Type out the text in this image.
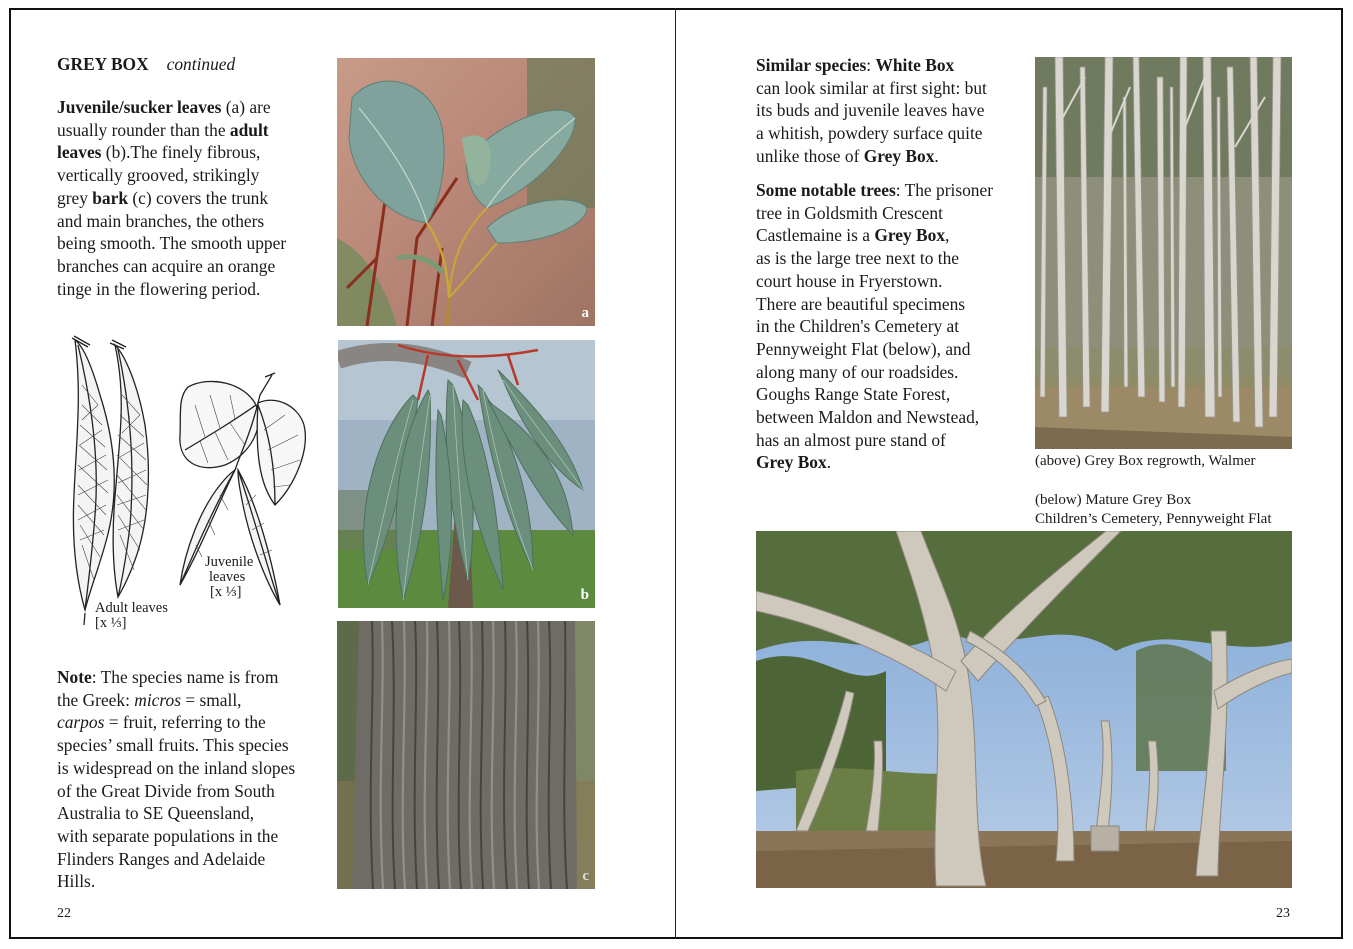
GREY BOX continued
Juvenile/sucker leaves (a) are
usually rounder than the adult
leaves (b).The finely fibrous,
vertically grooved, strikingly
grey bark (c) covers the trunk
and main branches, the others
being smooth. The smooth upper
branches can acquire an orange
tinge in the flowering period.
Juvenile
leaves
[x ⅓]
Adult leaves
[x ⅓]
Note: The species name is from
the Greek: micros = small,
carpos = fruit, referring to the
species’ small fruits. This species
is widespread on the inland slopes
of the Great Divide from South
Australia to SE Queensland,
with separate populations in the
Flinders Ranges and Adelaide
Hills.
a
b
c
22
Similar species: White Box
can look similar at first sight: but
its buds and juvenile leaves have
a whitish, powdery surface quite
unlike those of Grey Box.
Some notable trees: The prisoner
tree in Goldsmith Crescent
Castlemaine is a Grey Box,
as is the large tree next to the
court house in Fryerstown.
There are beautiful specimens
in the Children's Cemetery at
Pennyweight Flat (below), and
along many of our roadsides.
Goughs Range State Forest,
between Maldon and Newstead,
has an almost pure stand of
Grey Box.	(above) Grey Box regrowth, Walmer
(below) Mature Grey Box
Children’s Cemetery, Pennyweight Flat
23
